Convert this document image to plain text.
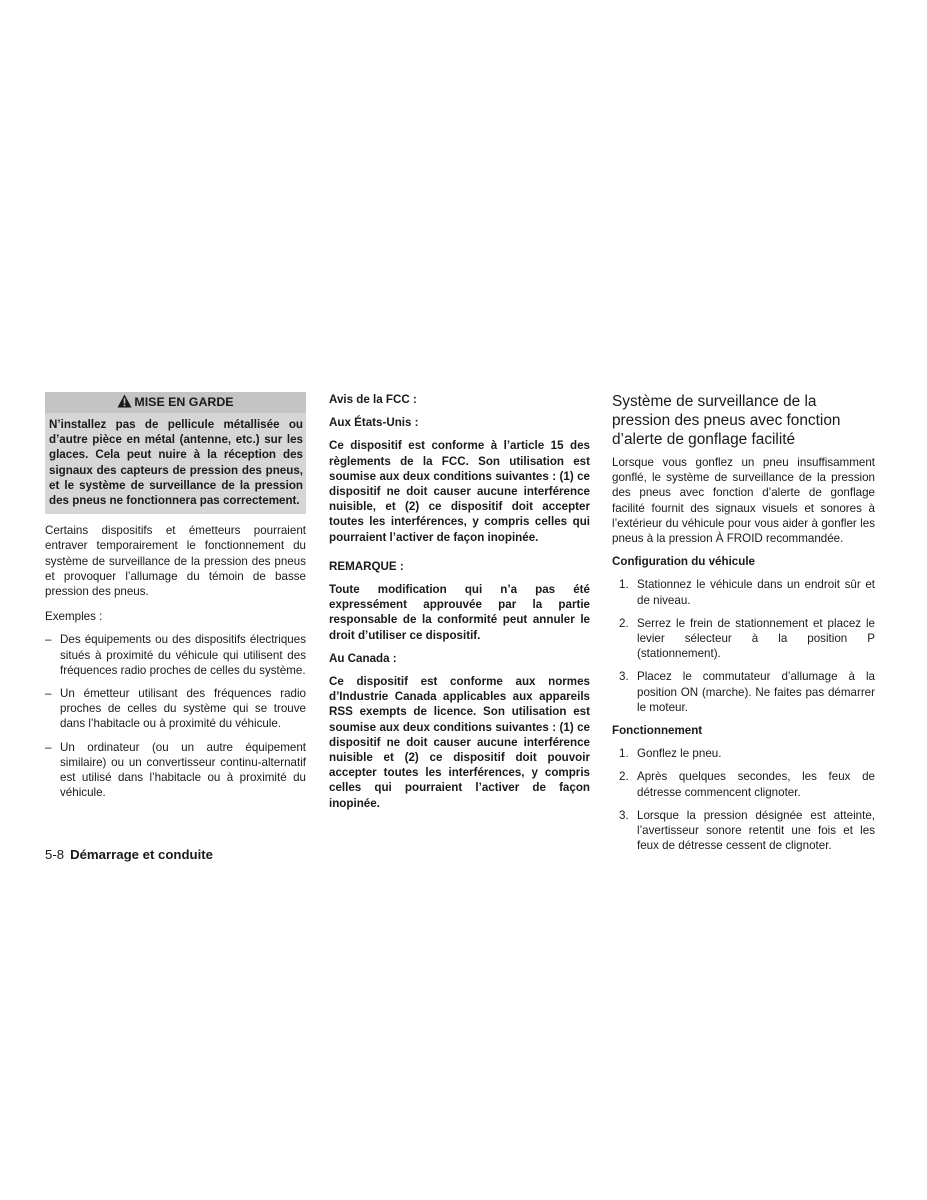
MISE EN GARDE

N’installez pas de pellicule métallisée ou d’autre pièce en métal (antenne, etc.) sur les glaces. Cela peut nuire à la réception des signaux des capteurs de pression des pneus, et le système de surveillance de la pression des pneus ne fonctionnera pas correctement.

Certains dispositifs et émetteurs pourraient entraver temporairement le fonctionnement du système de surveillance de la pression des pneus et provoquer l’allumage du témoin de basse pression des pneus.

Exemples :

– Des équipements ou des dispositifs électriques situés à proximité du véhicule qui utilisent des fréquences radio proches de celles du système.
– Un émetteur utilisant des fréquences radio proches de celles du système qui se trouve dans l’habitacle ou à proximité du véhicule.
– Un ordinateur (ou un autre équipement similaire) ou un convertisseur continu-alternatif est utilisé dans l’habitacle ou à proximité du véhicule.

Avis de la FCC :

Aux États-Unis :

Ce dispositif est conforme à l’article 15 des règlements de la FCC. Son utilisation est soumise aux deux conditions suivantes : (1) ce dispositif ne doit causer aucune interférence nuisible, et (2) ce dispositif doit accepter toutes les interférences, y compris celles qui pourraient l’activer de façon inopinée.

REMARQUE :

Toute modification qui n’a pas été expressément approuvée par la partie responsable de la conformité peut annuler le droit d’utiliser ce dispositif.

Au Canada :

Ce dispositif est conforme aux normes d’Industrie Canada applicables aux appareils RSS exempts de licence. Son utilisation est soumise aux deux conditions suivantes : (1) ce dispositif ne doit causer aucune interférence nuisible et (2) ce dispositif doit pouvoir accepter toutes les interférences, y compris celles qui pourraient l’activer de façon inopinée.

Système de surveillance de la pression des pneus avec fonction d’alerte de gonflage facilité

Lorsque vous gonflez un pneu insuffisamment gonflé, le système de surveillance de la pression des pneus avec fonction d’alerte de gonflage facilité fournit des signaux visuels et sonores à l’extérieur du véhicule pour vous aider à gonfler les pneus à la pression À FROID recommandée.

Configuration du véhicule

1. Stationnez le véhicule dans un endroit sûr et de niveau.
2. Serrez le frein de stationnement et placez le levier sélecteur à la position P (stationnement).
3. Placez le commutateur d’allumage à la position ON (marche). Ne faites pas démarrer le moteur.

Fonctionnement

1. Gonflez le pneu.
2. Après quelques secondes, les feux de détresse commencent clignoter.
3. Lorsque la pression désignée est atteinte, l’avertisseur sonore retentit une fois et les feux de détresse cessent de clignoter.
5-8 Démarrage et conduite
